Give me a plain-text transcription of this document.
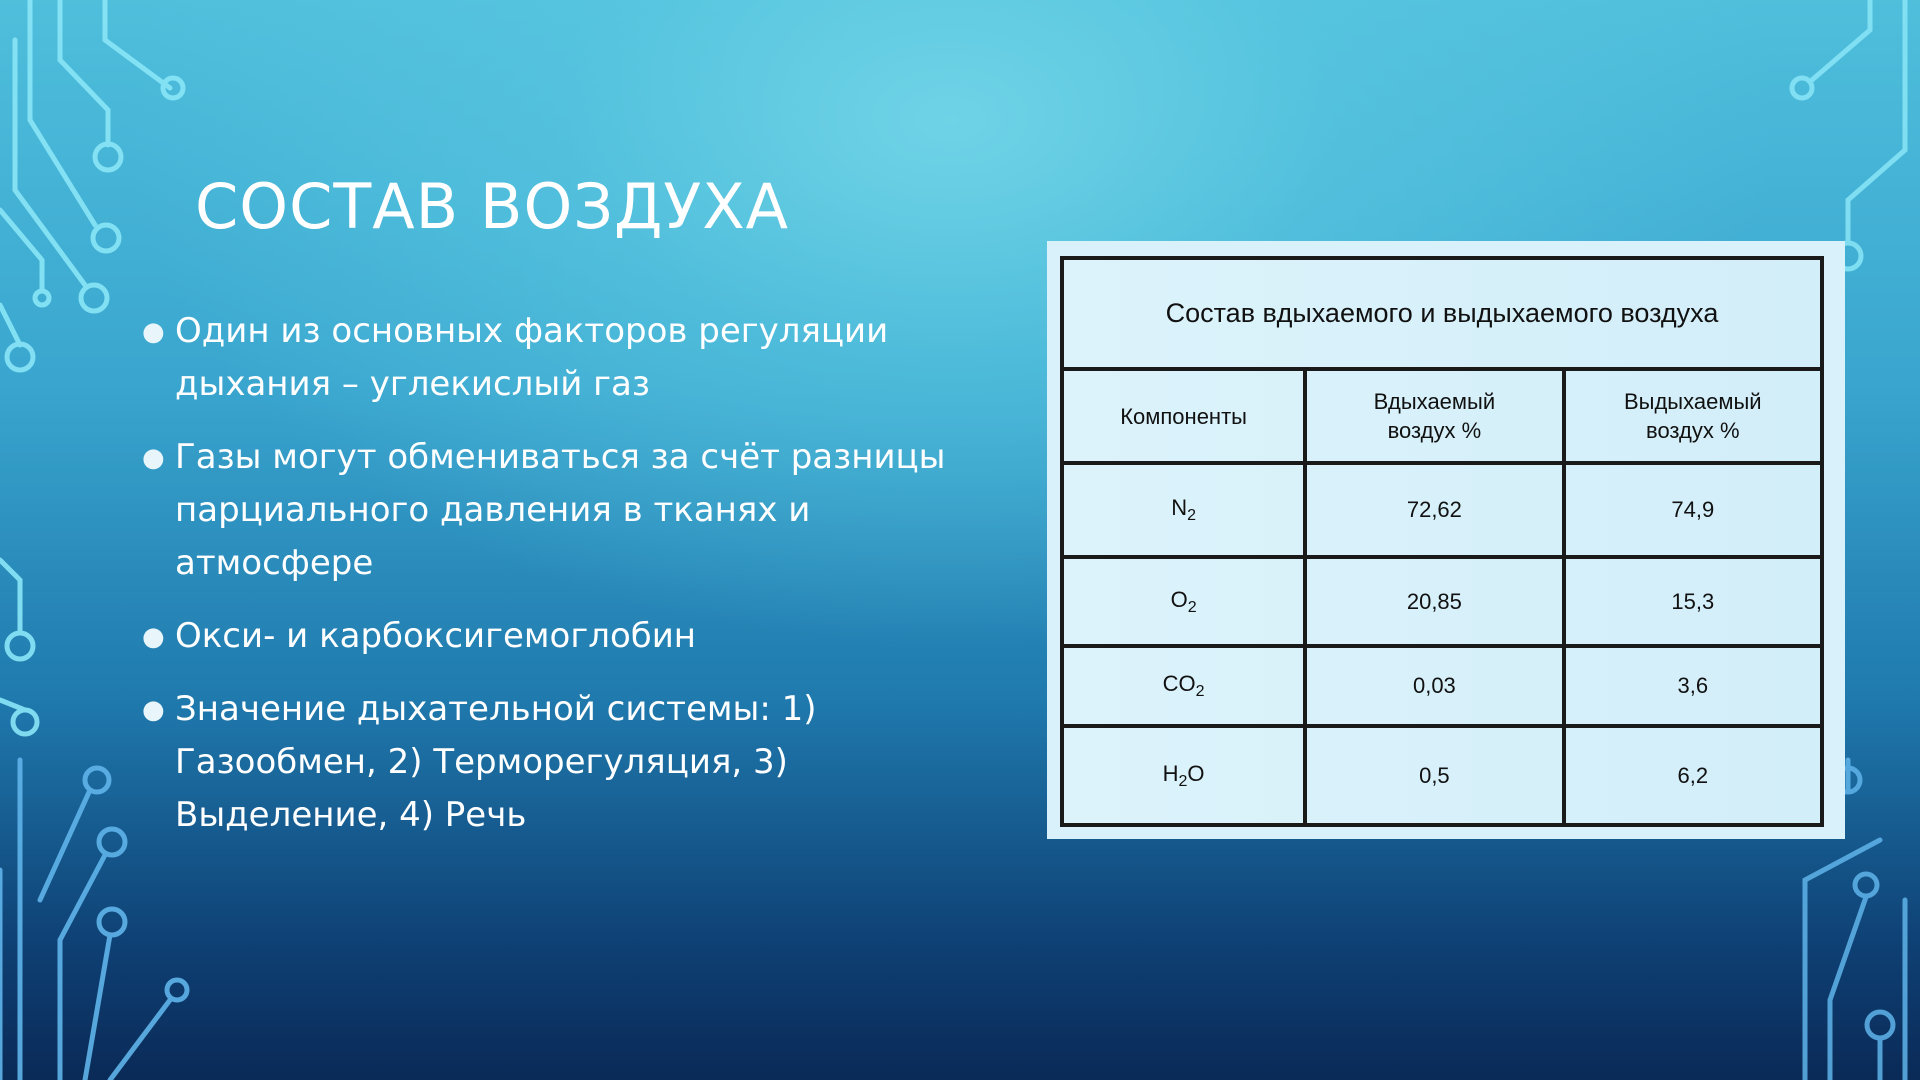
СОСТАВ ВОЗДУХА
● Один из основных факторов регуляции дыхания – углекислый газ
● Газы могут обмениваться за счёт разницы парциального давления в тканях и атмосфере
● Окси- и карбоксигемоглобин
● Значение дыхательной системы: 1) Газообмен, 2) Терморегуляция, 3) Выделение, 4) Речь
Состав вдыхаемого и выдыхаемого воздуха		
Компоненты	Вдыхаемый воздух %	Выдыхаемый воздух %
$N_2$	72,62	74,9
$O_2$	20,85	15,3
$CO_2$	0,03	3,6
$H_2O$	0,5	6,2
